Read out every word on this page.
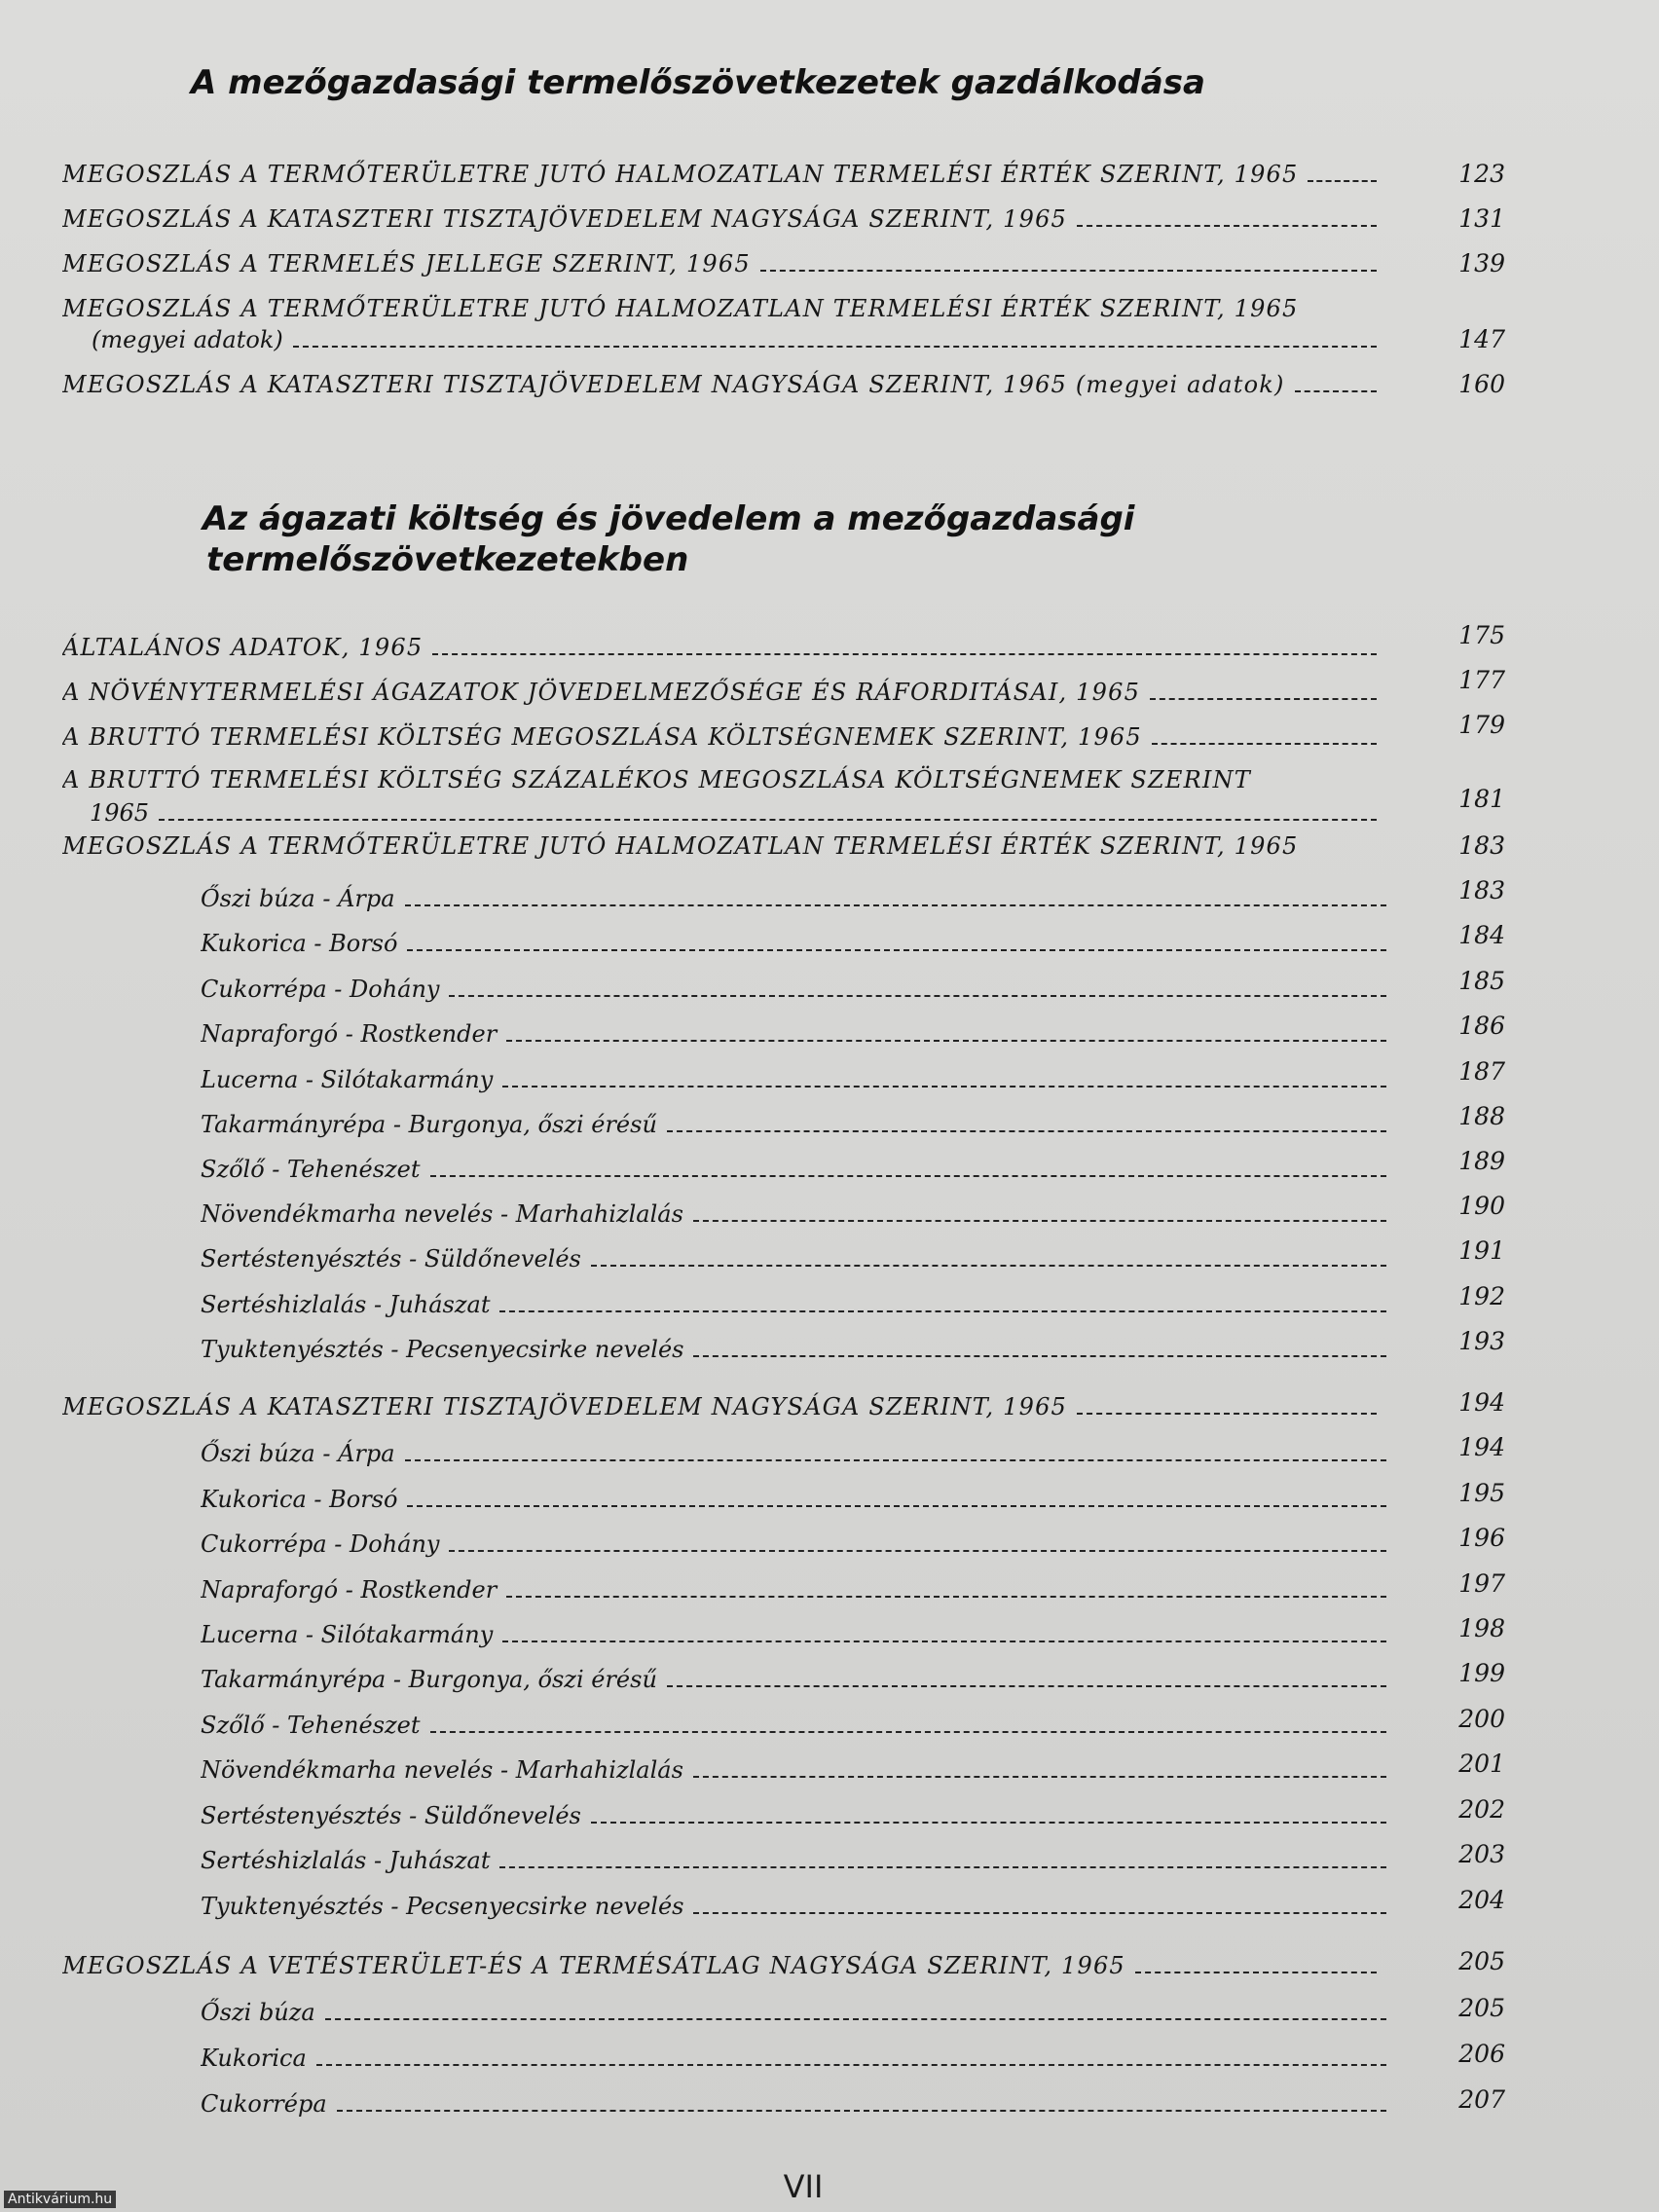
A mezőgazdasági termelőszövetkezetek gazdálkodása
MEGOSZLÁS A TERMŐTERÜLETRE JUTÓ HALMOZATLAN TERMELÉSI ÉRTÉK SZERINT, 1965	123
MEGOSZLÁS A KATASZTERI TISZTAJÖVEDELEM NAGYSÁGA SZERINT, 1965	131
MEGOSZLÁS A TERMELÉS JELLEGE SZERINT, 1965	139
MEGOSZLÁS A TERMŐTERÜLETRE JUTÓ HALMOZATLAN TERMELÉSI ÉRTÉK SZERINT, 1965
(megyei adatok)	147
MEGOSZLÁS A KATASZTERI TISZTAJÖVEDELEM NAGYSÁGA SZERINT, 1965 (megyei adatok)	160
Az ágazati költség és jövedelem a mezőgazdasági
termelőszövetkezetekben
ÁLTALÁNOS ADATOK, 1965	175
A NÖVÉNYTERMELÉSI ÁGAZATOK JÖVEDELMEZŐSÉGE ÉS RÁFORDITÁSAI, 1965	177
A BRUTTÓ TERMELÉSI KÖLTSÉG MEGOSZLÁSA KÖLTSÉGNEMEK SZERINT, 1965	179
A BRUTTÓ TERMELÉSI KÖLTSÉG SZÁZALÉKOS MEGOSZLÁSA KÖLTSÉGNEMEK SZERINT
1965	181
MEGOSZLÁS A TERMŐTERÜLETRE JUTÓ HALMOZATLAN TERMELÉSI ÉRTÉK SZERINT, 1965	183
Őszi búza - Árpa	183
Kukorica - Borsó	184
Cukorrépa - Dohány	185
Napraforgó - Rostkender	186
Lucerna - Silótakarmány	187
Takarmányrépa - Burgonya, őszi érésű	188
Szőlő - Tehenészet	189
Növendékmarha nevelés - Marhahizlalás	190
Sertéstenyésztés - Süldőnevelés	191
Sertéshizlalás - Juhászat	192
Tyuktenyésztés - Pecsenyecsirke nevelés	193
MEGOSZLÁS A KATASZTERI TISZTAJÖVEDELEM NAGYSÁGA SZERINT, 1965	194
Őszi búza - Árpa	194
Kukorica - Borsó	195
Cukorrépa - Dohány	196
Napraforgó - Rostkender	197
Lucerna - Silótakarmány	198
Takarmányrépa - Burgonya, őszi érésű	199
Szőlő - Tehenészet	200
Növendékmarha nevelés - Marhahizlalás	201
Sertéstenyésztés - Süldőnevelés	202
Sertéshizlalás - Juhászat	203
Tyuktenyésztés - Pecsenyecsirke nevelés	204
MEGOSZLÁS A VETÉSTERÜLET-ÉS A TERMÉSÁTLAG NAGYSÁGA SZERINT, 1965	205
Őszi búza	205
Kukorica	206
Cukorrépa	207
VII
Antikvárium.hu
